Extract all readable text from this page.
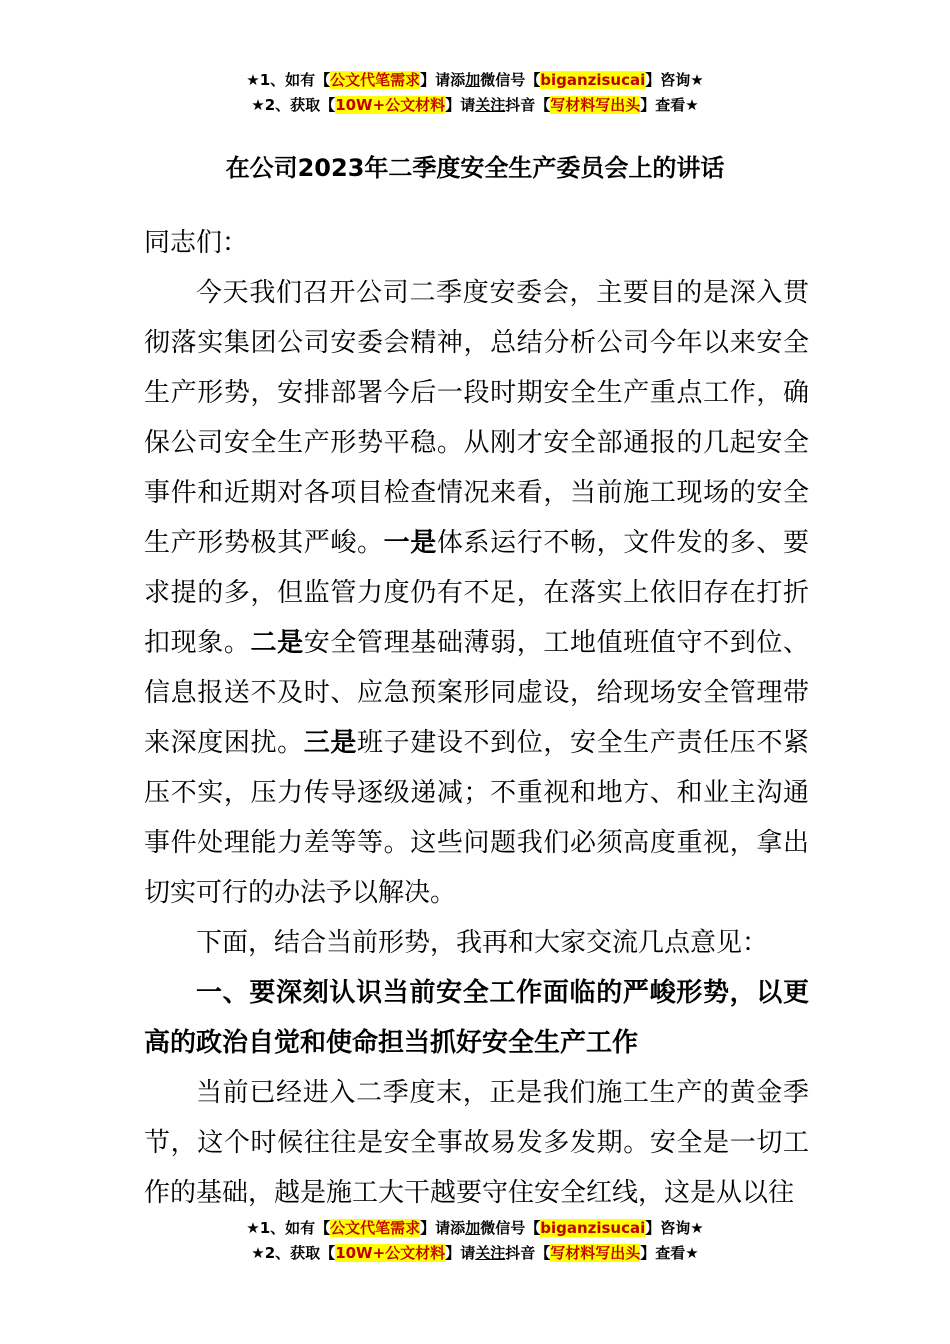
★1、如有【公文代笔需求】请添加微信号【biganzisucai】咨询★
★2、获取【10W+公文材料】请关注抖音【写材料写出头】查看★
在公司2023年二季度安全生产委员会上的讲话

同志们：

今天我们召开公司二季度安委会，主要目的是深入贯彻落实集团公司安委会精神，总结分析公司今年以来安全生产形势，安排部署今后一段时期安全生产重点工作，确保公司安全生产形势平稳。从刚才安全部通报的几起安全事件和近期对各项目检查情况来看，当前施工现场的安全生产形势极其严峻。一是体系运行不畅，文件发的多、要求提的多，但监管力度仍有不足，在落实上依旧存在打折扣现象。二是安全管理基础薄弱，工地值班值守不到位、信息报送不及时、应急预案形同虚设，给现场安全管理带来深度困扰。三是班子建设不到位，安全生产责任压不紧压不实，压力传导逐级递减；不重视和地方、和业主沟通事件处理能力差等等。这些问题我们必须高度重视，拿出切实可行的办法予以解决。

下面，结合当前形势，我再和大家交流几点意见：

一、要深刻认识当前安全工作面临的严峻形势，以更高的政治自觉和使命担当抓好安全生产工作

当前已经进入二季度末，正是我们施工生产的黄金季节，这个时候往往是安全事故易发多发期。安全是一切工作的基础，越是施工大干越要守住安全红线，这是从以往

★1、如有【公文代笔需求】请添加微信号【biganzisucai】咨询★
★2、获取【10W+公文材料】请关注抖音【写材料写出头】查看★
